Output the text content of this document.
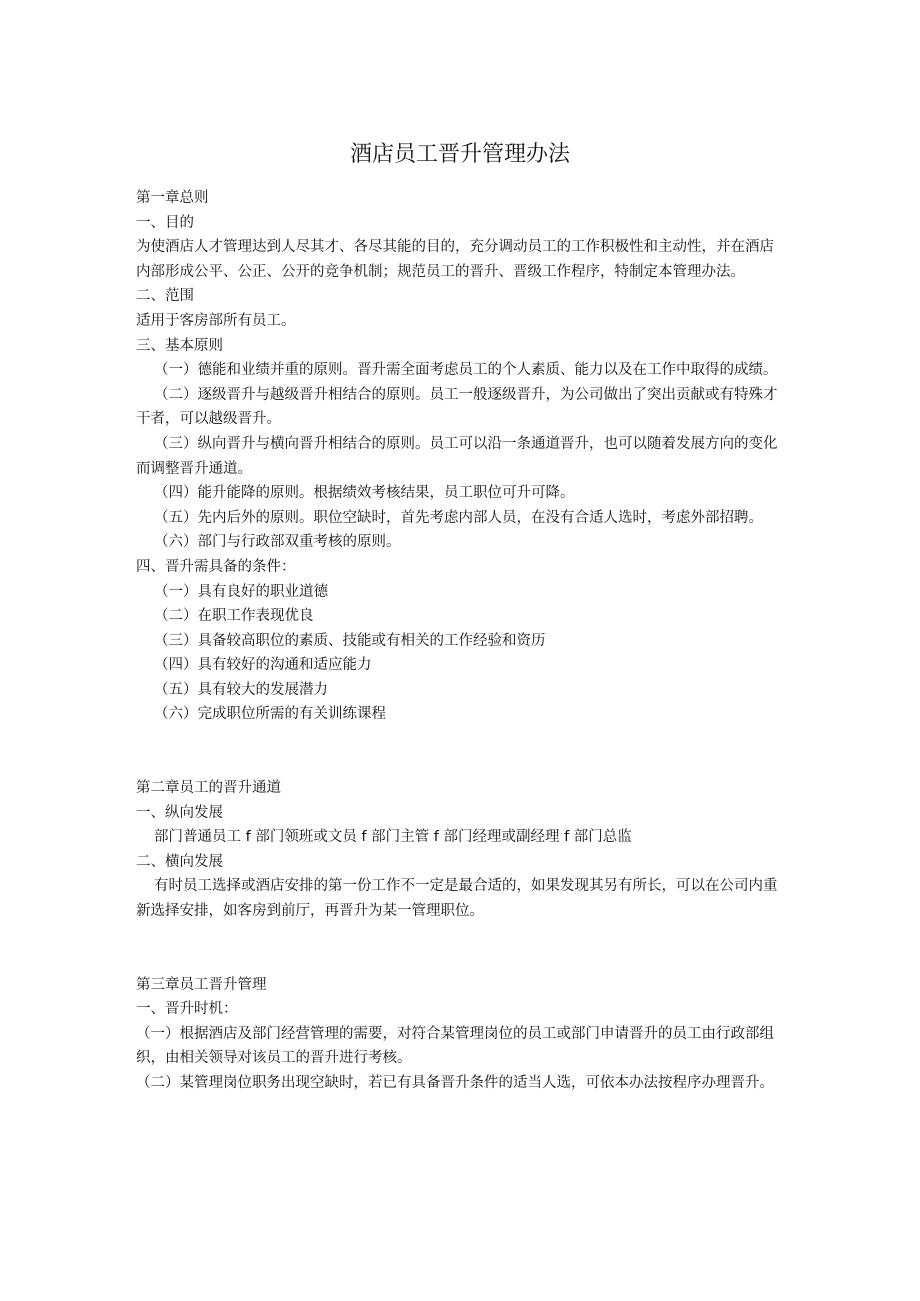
酒店员工晋升管理办法

第一章总则

一、目的

为使酒店人才管理达到人尽其才、各尽其能的目的，充分调动员工的工作积极性和主动性，并在酒店内部形成公平、公正、公开的竞争机制；规范员工的晋升、晋级工作程序，特制定本管理办法。

二、范围

适用于客房部所有员工。

三、基本原则

（一）德能和业绩并重的原则。晋升需全面考虑员工的个人素质、能力以及在工作中取得的成绩。

（二）逐级晋升与越级晋升相结合的原则。员工一般逐级晋升，为公司做出了突出贡献或有特殊才干者，可以越级晋升。

（三）纵向晋升与横向晋升相结合的原则。员工可以沿一条通道晋升，也可以随着发展方向的变化而调整晋升通道。

（四）能升能降的原则。根据绩效考核结果，员工职位可升可降。

（五）先内后外的原则。职位空缺时，首先考虑内部人员，在没有合适人选时，考虑外部招聘。

（六）部门与行政部双重考核的原则。

四、晋升需具备的条件：

（一）具有良好的职业道德

（二）在职工作表现优良

（三）具备较高职位的素质、技能或有相关的工作经验和资历

（四）具有较好的沟通和适应能力

（五）具有较大的发展潜力

（六）完成职位所需的有关训练课程

第二章员工的晋升通道

一、纵向发展

部门普通员工 f 部门领班或文员 f 部门主管 f 部门经理或副经理 f 部门总监

二、横向发展

有时员工选择或酒店安排的第一份工作不一定是最合适的，如果发现其另有所长，可以在公司内重新选择安排，如客房到前厅，再晋升为某一管理职位。

第三章员工晋升管理

一、晋升时机：

（一）根据酒店及部门经营管理的需要，对符合某管理岗位的员工或部门申请晋升的员工由行政部组织，由相关领导对该员工的晋升进行考核。

（二）某管理岗位职务出现空缺时，若已有具备晋升条件的适当人选，可依本办法按程序办理晋升。
